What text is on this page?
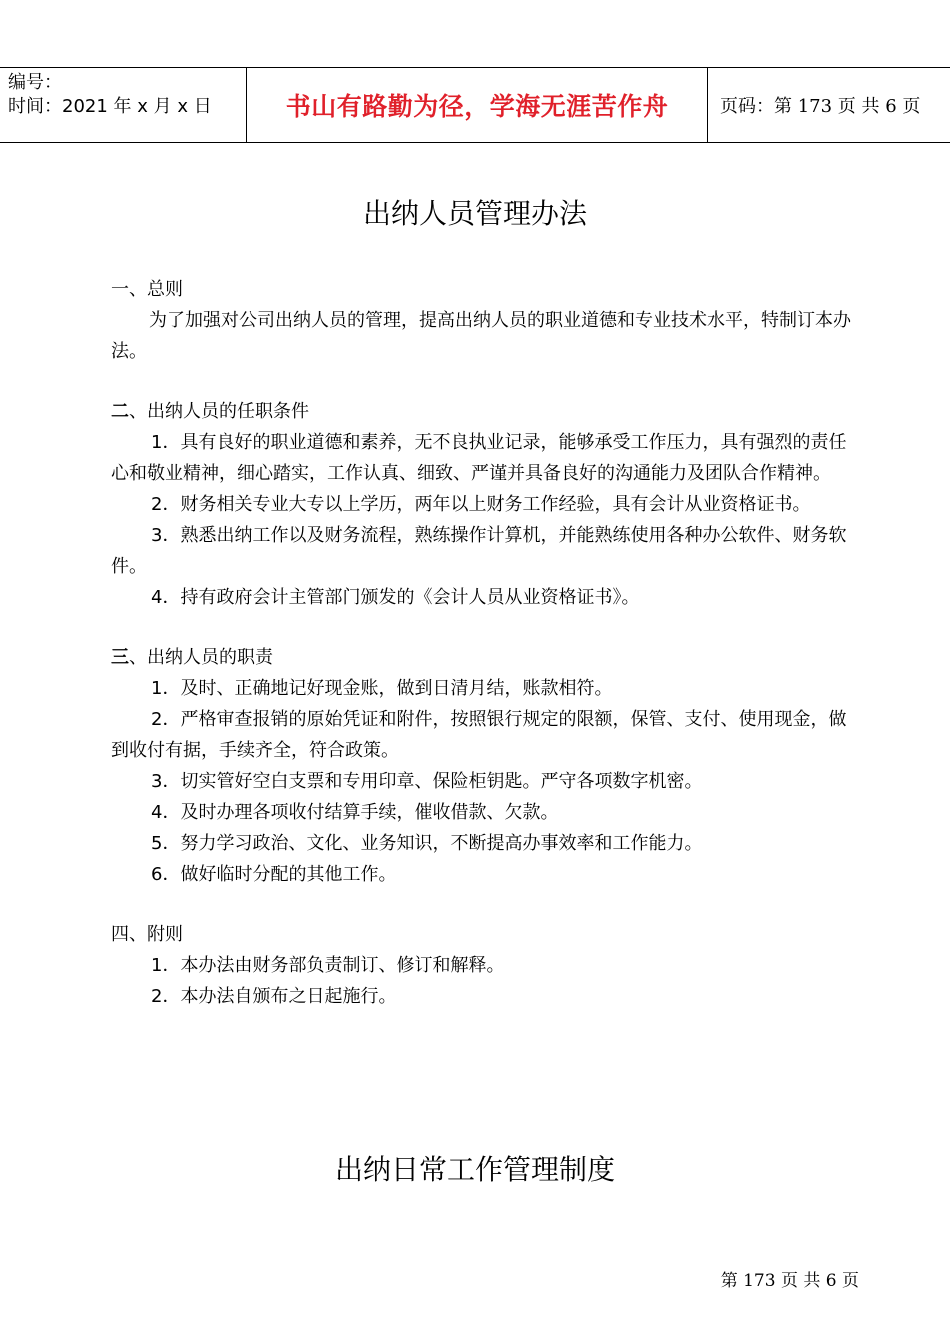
编号：
时间：2021 年 x 月 x 日	书山有路勤为径，学海无涯苦作舟	页码：第 173 页 共 6 页
出纳人员管理办法

一、总则

为了加强对公司出纳人员的管理，提高出纳人员的职业道德和专业技术水平，特制订本办法。

二、出纳人员的任职条件

1．具有良好的职业道德和素养，无不良执业记录，能够承受工作压力，具有强烈的责任心和敬业精神，细心踏实，工作认真、细致、严谨并具备良好的沟通能力及团队合作精神。

2．财务相关专业大专以上学历，两年以上财务工作经验，具有会计从业资格证书。

3．熟悉出纳工作以及财务流程，熟练操作计算机，并能熟练使用各种办公软件、财务软件。

4．持有政府会计主管部门颁发的《会计人员从业资格证书》。

三、出纳人员的职责

1．及时、正确地记好现金账，做到日清月结，账款相符。

2．严格审查报销的原始凭证和附件，按照银行规定的限额，保管、支付、使用现金，做到收付有据，手续齐全，符合政策。

3．切实管好空白支票和专用印章、保险柜钥匙。严守各项数字机密。

4．及时办理各项收付结算手续，催收借款、欠款。

5．努力学习政治、文化、业务知识，不断提高办事效率和工作能力。

6．做好临时分配的其他工作。

四、附则

1．本办法由财务部负责制订、修订和解释。

2．本办法自颁布之日起施行。

出纳日常工作管理制度
第 173 页 共 6 页
